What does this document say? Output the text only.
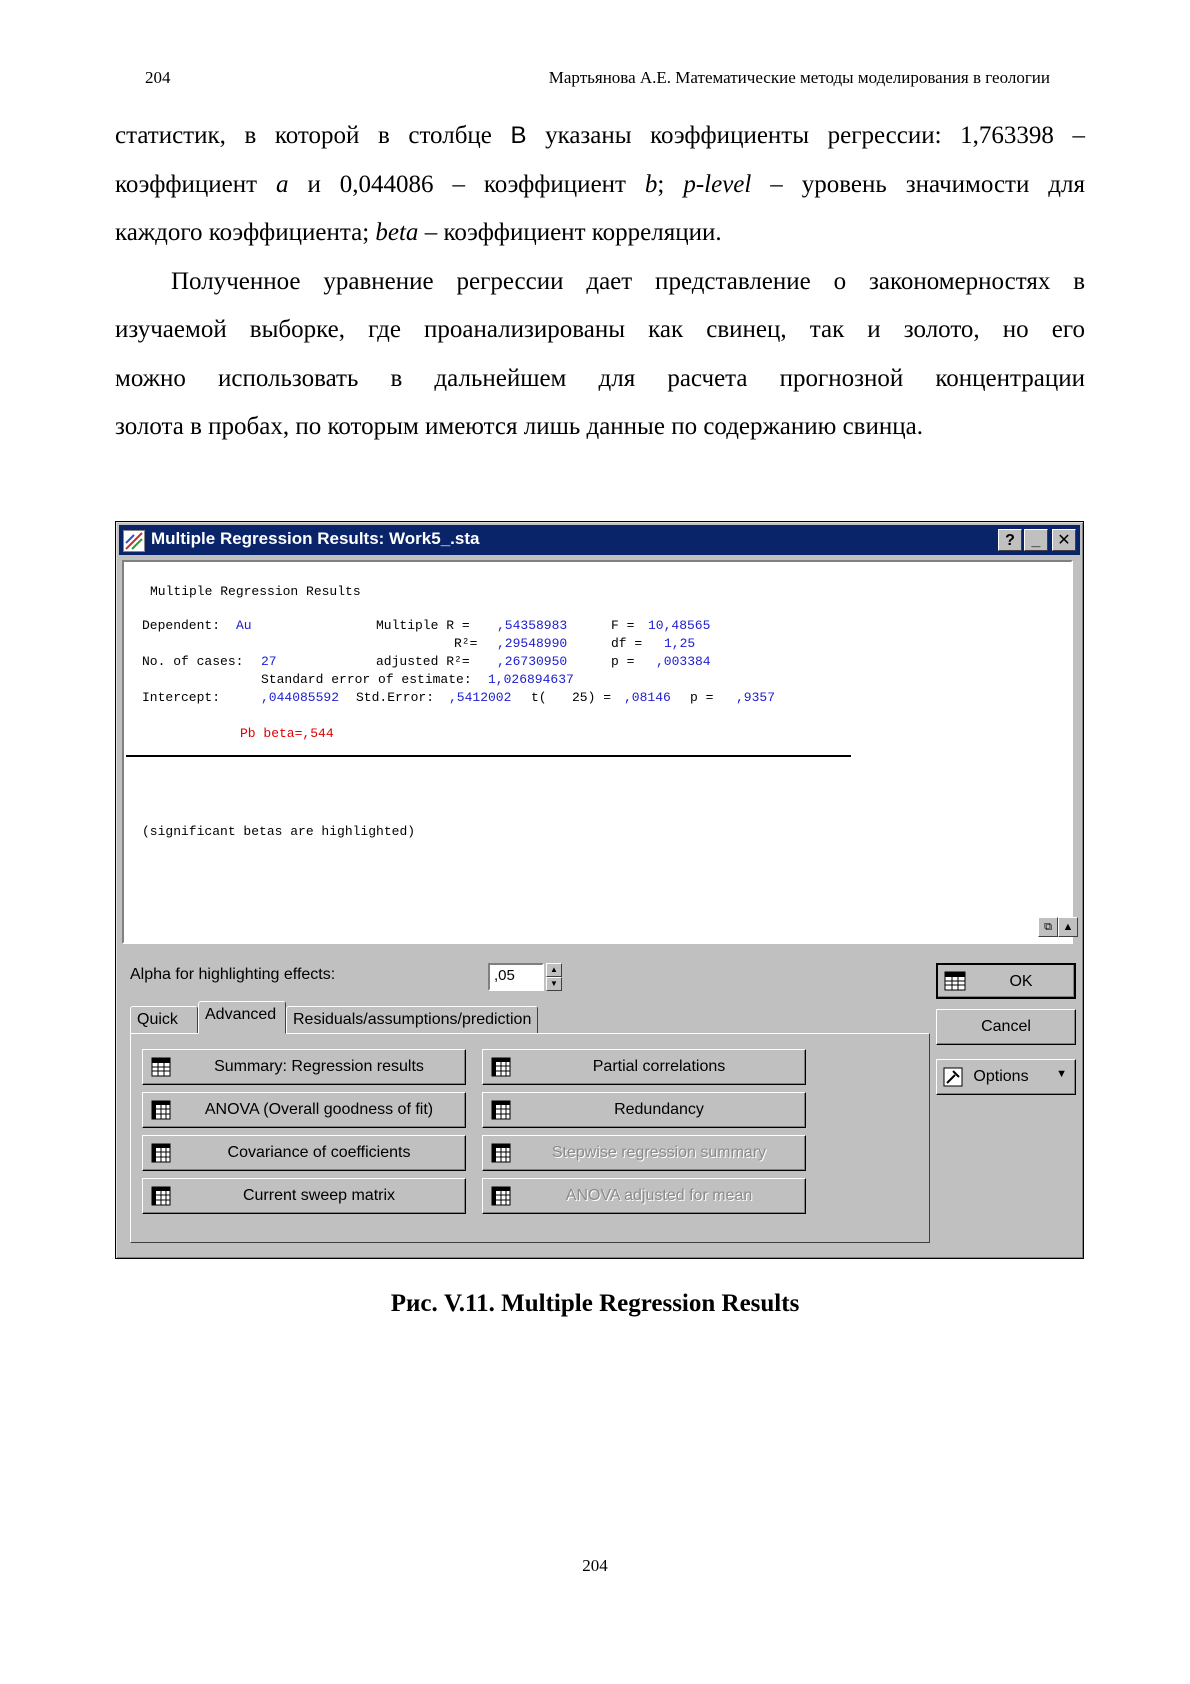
204	Мартьянова А.Е. Математические методы моделирования в геологии

статистик, в которой в столбце B указаны коэффициенты регрессии: 1,763398 –

коэффициент a и 0,044086 – коэффициент b; p-level – уровень значимости для

каждого коэффициента; beta – коэффициент корреляции.

Полученное уравнение регрессии дает представление о закономерностях в

изучаемой выборке, где проанализированы как свинец, так и золото, но его

можно использовать в дальнейшем для расчета прогнозной концентрации

золота в пробах, по которым имеются лишь данные по содержанию свинца.

Multiple Regression Results: Work5_.sta	?	_	✕
Multiple Regression Results
Dependent: Au	Multiple R = ,54358983	F = 10,48565
R²= ,29548990	df = 1,25
No. of cases: 27	adjusted R²= ,26730950	p = ,003384
Standard error of estimate: 1,026894637
Intercept:	,044085592 Std.Error: ,5412002 t( 25) = ,08146 p = ,9357
Pb beta=,544
(significant betas are highlighted)
⧉ ▲
Alpha for highlighting effects:	,05	▲
▼
Quick	Advanced	Residuals/assumptions/prediction
Summary: Regression results
ANOVA (Overall goodness of fit)
Covariance of coefficients
Current sweep matrix
Partial correlations
Redundancy
Stepwise regression summary
ANOVA adjusted for mean
OK
Cancel
Options	▼
Рис. V.11. Multiple Regression Results
204
